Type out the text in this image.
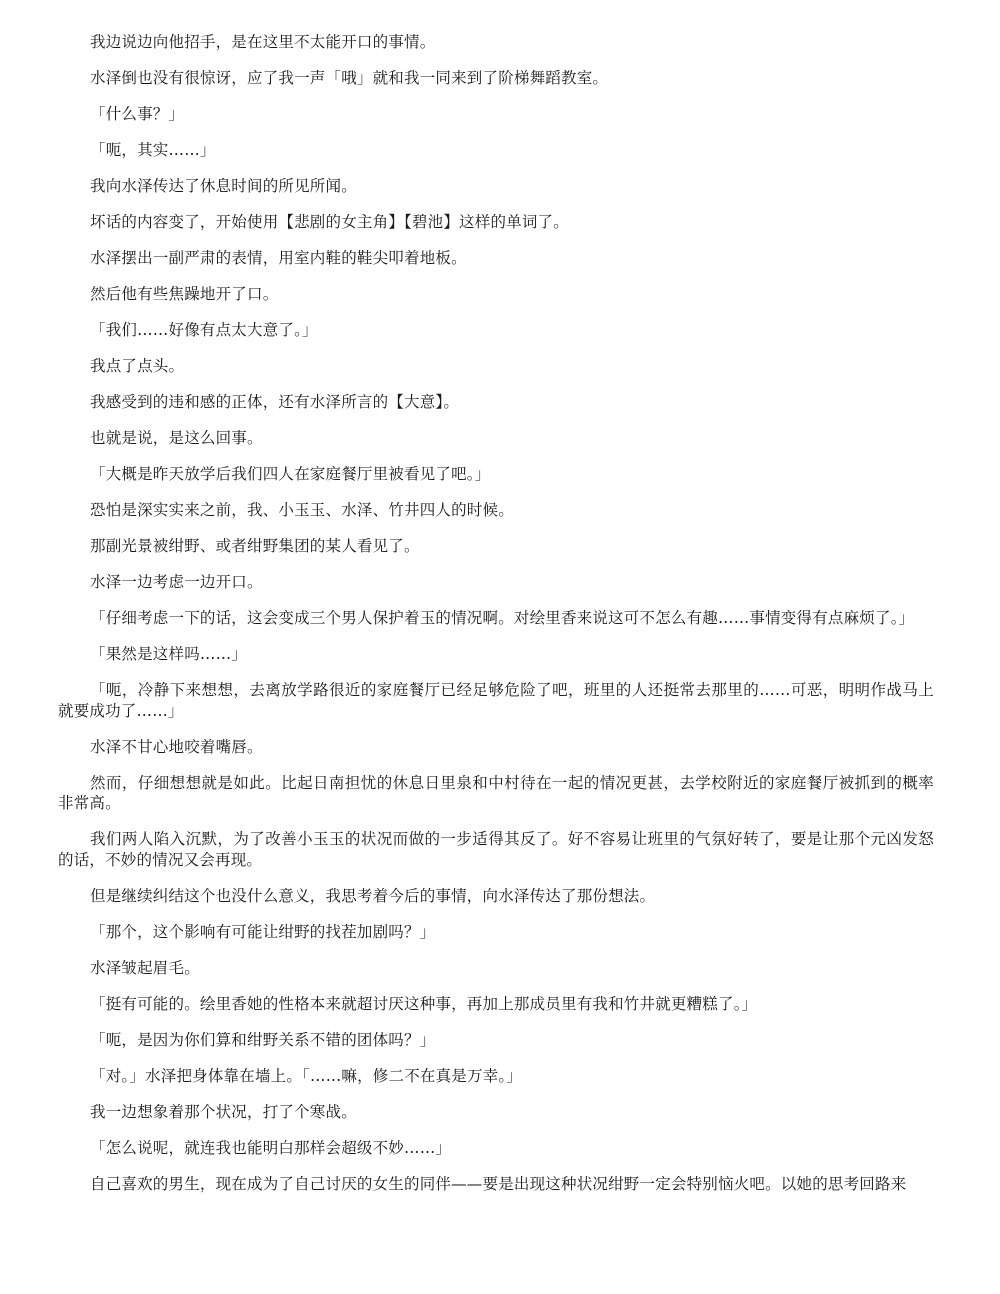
我边说边向他招手，是在这里不太能开口的事情。

水泽倒也没有很惊讶，应了我一声「哦」就和我一同来到了阶梯舞蹈教室。

「什么事？」

「呃，其实……」

我向水泽传达了休息时间的所见所闻。

坏话的内容变了，开始使用【悲剧的女主角】【碧池】这样的单词了。

水泽摆出一副严肃的表情，用室内鞋的鞋尖叩着地板。

然后他有些焦躁地开了口。

「我们……好像有点太大意了。」

我点了点头。

我感受到的违和感的正体，还有水泽所言的【大意】。

也就是说，是这么回事。

「大概是昨天放学后我们四人在家庭餐厅里被看见了吧。」

恐怕是深实实来之前，我、小玉玉、水泽、竹井四人的时候。

那副光景被绀野、或者绀野集团的某人看见了。

水泽一边考虑一边开口。

「仔细考虑一下的话，这会变成三个男人保护着玉的情况啊。对绘里香来说这可不怎么有趣……事情变得有点麻烦了。」

「果然是这样吗……」

「呃，冷静下来想想，去离放学路很近的家庭餐厅已经足够危险了吧，班里的人还挺常去那里的……可恶，明明作战马上就要成功了……」

水泽不甘心地咬着嘴唇。

然而，仔细想想就是如此。比起日南担忧的休息日里泉和中村待在一起的情况更甚，去学校附近的家庭餐厅被抓到的概率非常高。

我们两人陷入沉默，为了改善小玉玉的状况而做的一步适得其反了。好不容易让班里的气氛好转了，要是让那个元凶发怒的话，不妙的情况又会再现。

但是继续纠结这个也没什么意义，我思考着今后的事情，向水泽传达了那份想法。

「那个，这个影响有可能让绀野的找茬加剧吗？」

水泽皱起眉毛。

「挺有可能的。绘里香她的性格本来就超讨厌这种事，再加上那成员里有我和竹井就更糟糕了。」

「呃，是因为你们算和绀野关系不错的团体吗？」

「对。」水泽把身体靠在墙上。「……嘛，修二不在真是万幸。」

我一边想象着那个状况，打了个寒战。

「怎么说呢，就连我也能明白那样会超级不妙……」

自己喜欢的男生，现在成为了自己讨厌的女生的同伴——要是出现这种状况绀野一定会特别恼火吧。以她的思考回路来
